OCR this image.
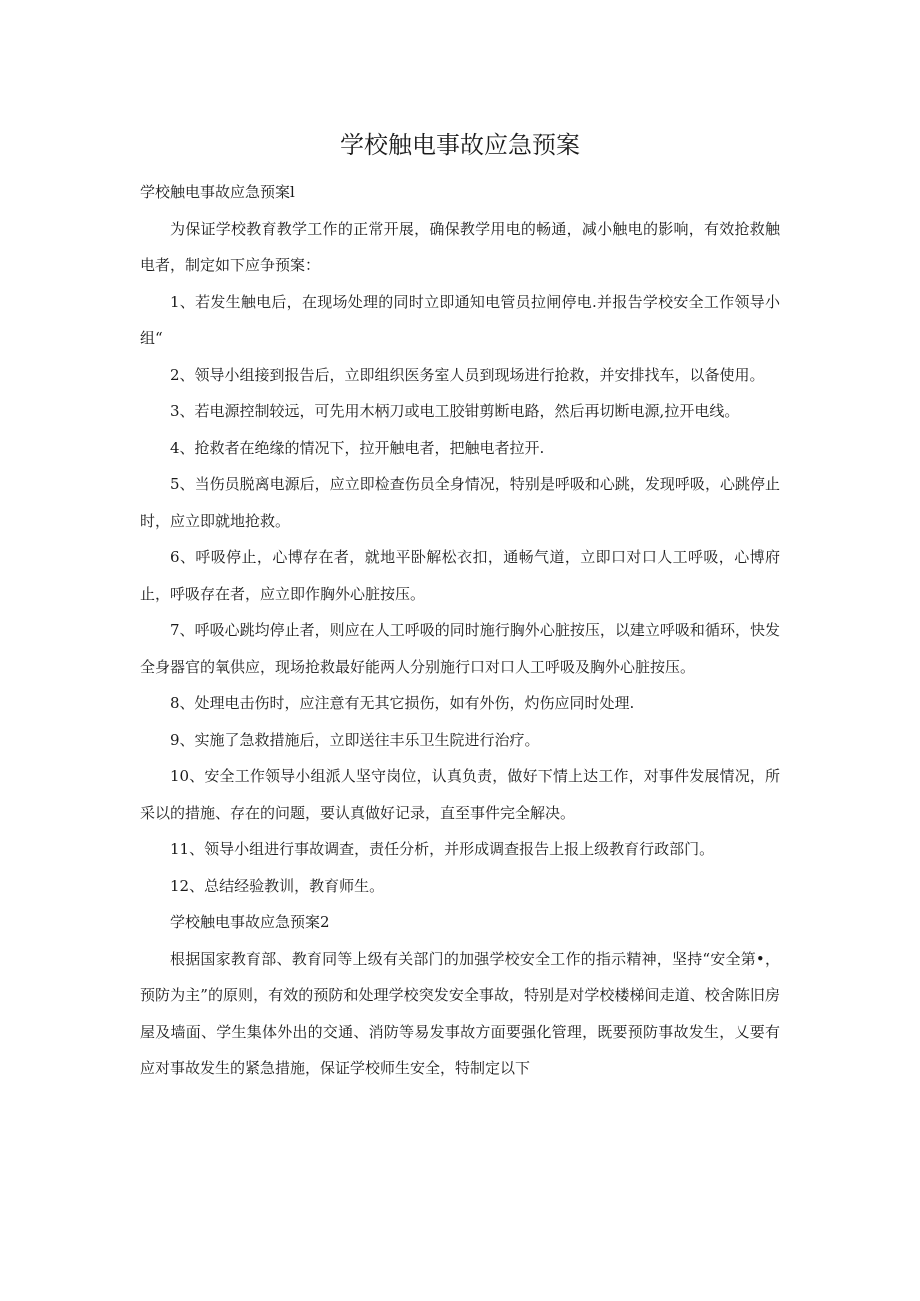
学校触电事故应急预案

学校触电事故应急预案l

为保证学校教育教学工作的正常开展，确保教学用电的畅通，减小触电的影响，有效抢救触电者，制定如下应争预案：

1、若发生触电后，在现场处理的同时立即通知电管员拉闸停电.并报告学校安全工作领导小组“

2、领导小组接到报告后，立即组织医务室人员到现场进行抢救，并安排找车，以备使用。

3、若电源控制较远，可先用木柄刀或电工胶钳剪断电路，然后再切断电源,拉开电线。

4、抢救者在绝缘的情况下，拉开触电者，把触电者拉开.

5、当伤员脱离电源后，应立即检查伤员全身情况，特别是呼吸和心跳，发现呼吸，心跳停止时，应立即就地抢救。

6、呼吸停止，心博存在者，就地平卧解松衣扣，通畅气道，立即口对口人工呼吸，心博府止，呼吸存在者，应立即作胸外心脏按压。

7、呼吸心跳均停止者，则应在人工呼吸的同时施行胸外心脏按压，以建立呼吸和循环，快发全身器官的氧供应，现场抢救最好能两人分别施行口对口人工呼吸及胸外心脏按压。

8、处理电击伤时，应注意有无其它损伤，如有外伤，灼伤应同时处理.

9、实施了急救措施后，立即送往丰乐卫生院进行治疗。

10、安全工作领导小组派人坚守岗位，认真负责，做好下情上达工作，对事件发展情况，所采以的措施、存在的问题，要认真做好记录，直至事件完全解决。

11、领导小组进行事故调查，责任分析，并形成调查报告上报上级教育行政部门。

12、总结经验教训，教育师生。

学校触电事故应急预案2

根据国家教育部、教育同等上级有关部门的加强学校安全工作的指示精神，坚持“安全第•，预防为主”的原则，有效的预防和处理学校突发安全事故，特别是对学校楼梯间走道、校舍陈旧房屋及墙面、学生集体外出的交通、消防等易发事故方面要强化管理，既要预防事故发生，乂要有应对事故发生的紧急措施，保证学校师生安全，特制定以下
